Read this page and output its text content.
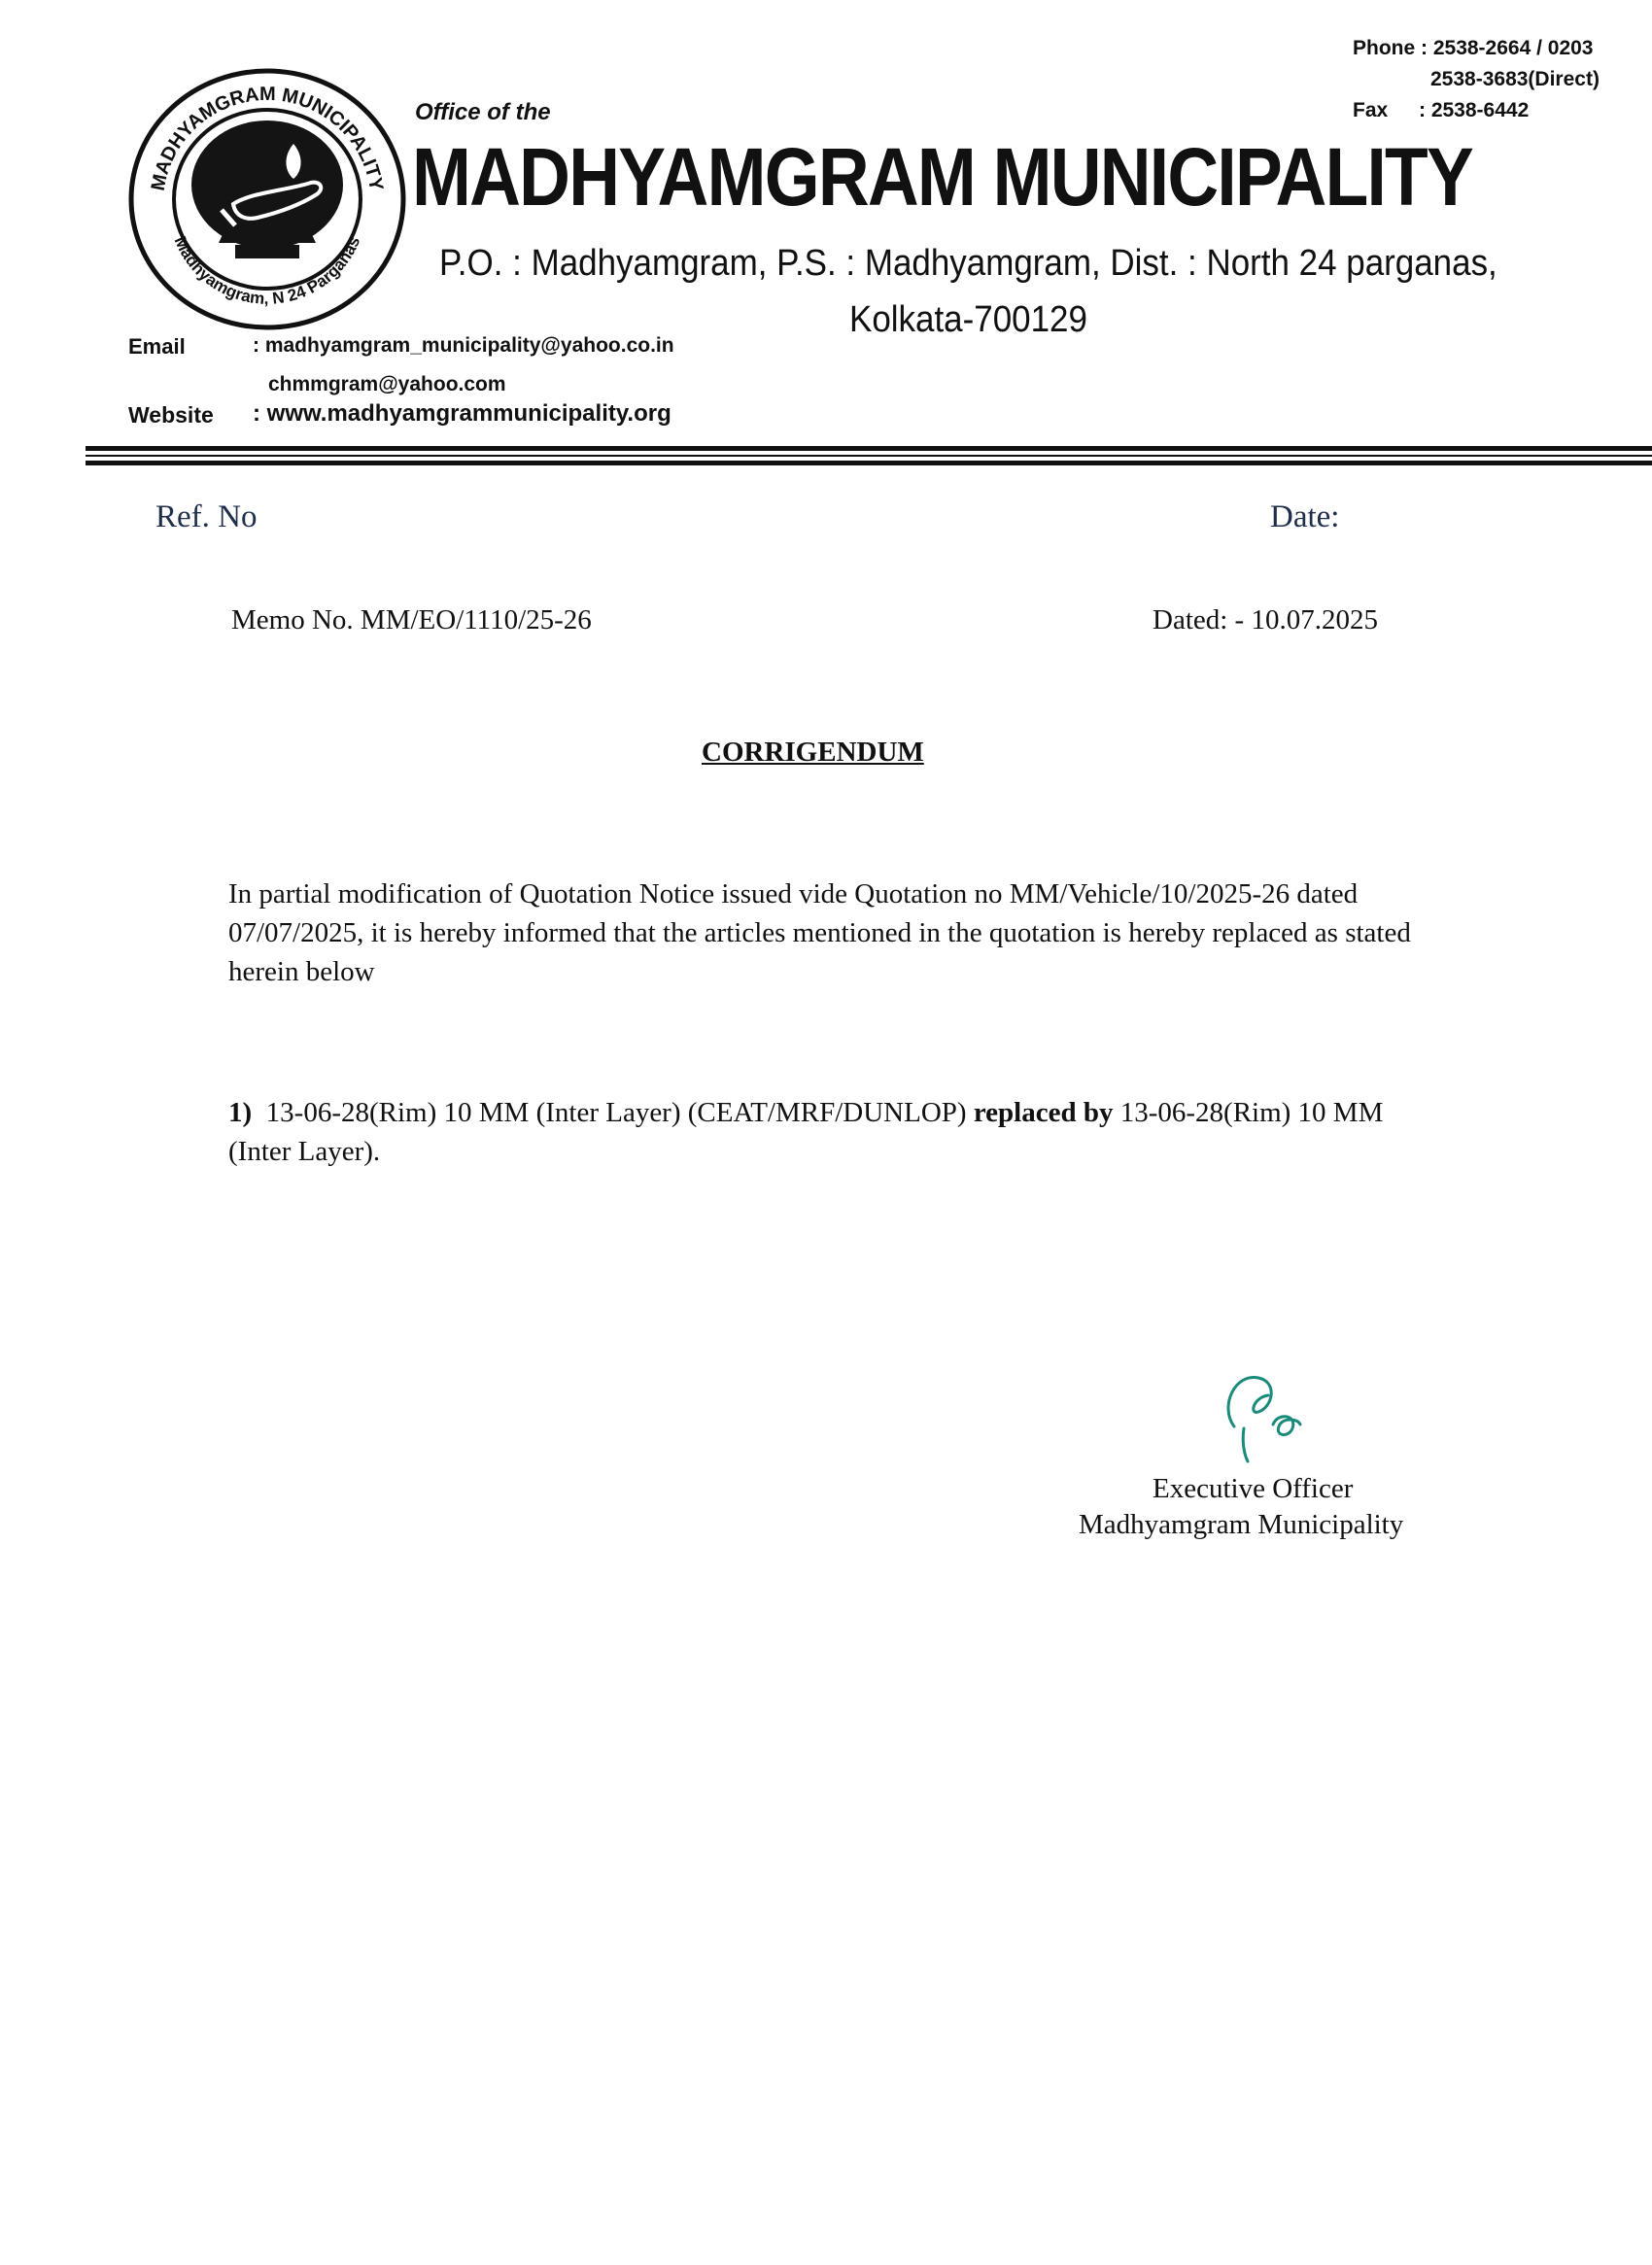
MADHYAMGRAM MUNICIPALITY
Madhyamgram, N 24 Parganas
Office of the
Phone :
2538-2664 / 0203
2538-3683(Direct)
Fax	: 2538-6442
MADHYAMGRAM MUNICIPALITY
P.O. : Madhyamgram, P.S. : Madhyamgram, Dist. : North 24 parganas,
Kolkata-700129
Email	: madhyamgram_municipality@yahoo.co.in
chmmgram@yahoo.com
Website : www.madhyamgrammunicipality.org
Ref. No	Date:
Memo No. MM/EO/1110/25-26	Dated: - 10.07.2025
CORRIGENDUM
In partial modification of Quotation Notice issued vide Quotation no MM/Vehicle/10/2025-26 dated 07/07/2025, it is hereby informed that the articles mentioned in the quotation is hereby replaced as stated herein below
1) 13-06-28(Rim) 10 MM (Inter Layer) (CEAT/MRF/DUNLOP) replaced by 13-06-28(Rim) 10 MM (Inter Layer).
Executive Officer
Madhyamgram Municipality
